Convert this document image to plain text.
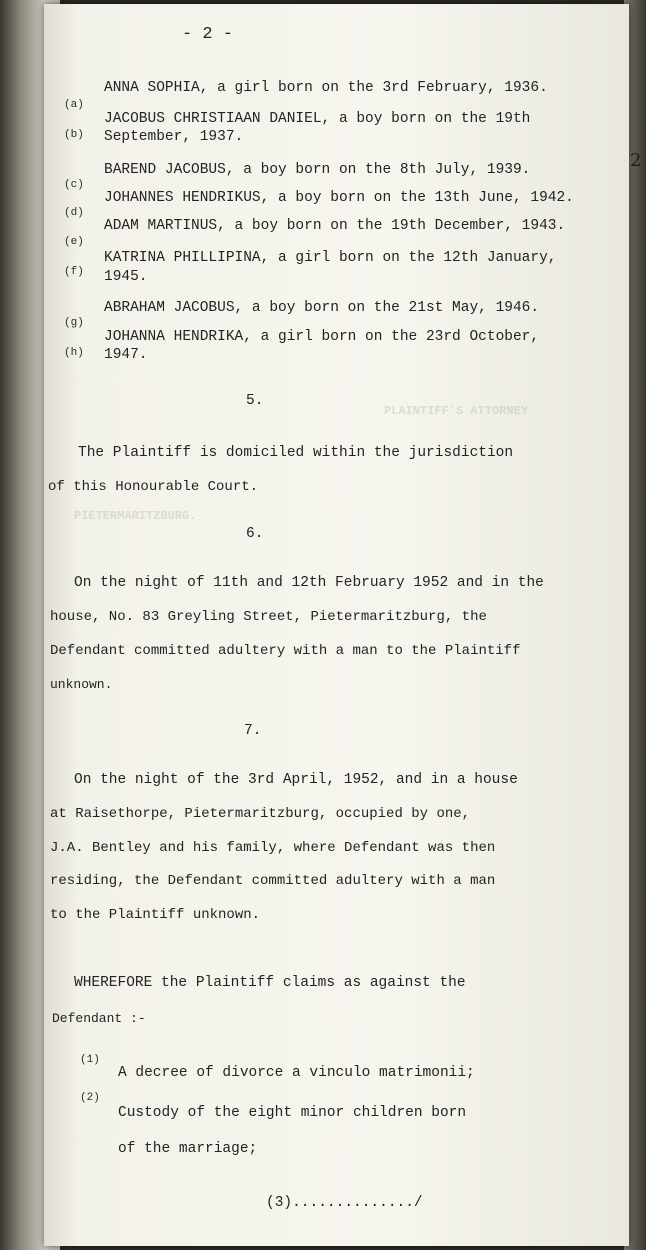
PLAINTIFF'S ATTORNEY
PIETERMARITZBURG.
- 2 -
(a)
ANNA SOPHIA, a girl born on the 3rd February, 1936.
(b)
JACOBUS CHRISTIAAN DANIEL, a boy born on the 19th
September, 1937.
(c)
BAREND JACOBUS, a boy born on the 8th July, 1939.
(d)
JOHANNES HENDRIKUS, a boy born on the 13th June, 1942.
(e)
ADAM MARTINUS, a boy born on the 19th December, 1943.
(f)
KATRINA PHILLIPINA, a girl born on the 12th January,
1945.
(g)
ABRAHAM JACOBUS, a boy born on the 21st May, 1946.
(h)
JOHANNA HENDRIKA, a girl born on the 23rd October,
1947.
5.
The Plaintiff is domiciled within the jurisdiction
of this Honourable Court.
6.
On the night of 11th and 12th February 1952 and in the
house, No. 83 Greyling Street, Pietermaritzburg, the
Defendant committed adultery with a man to the Plaintiff
unknown.
7.
On the night of the 3rd April, 1952, and in a house
at Raisethorpe, Pietermaritzburg, occupied by one,
J.A. Bentley and his family, where Defendant was then
residing, the Defendant committed adultery with a man
to the Plaintiff unknown.
WHEREFORE the Plaintiff claims as against the
Defendant :-
(1)
A decree of divorce a vinculo matrimonii;
(2)
Custody of the eight minor children born
of the marriage;
(3)............../
2
